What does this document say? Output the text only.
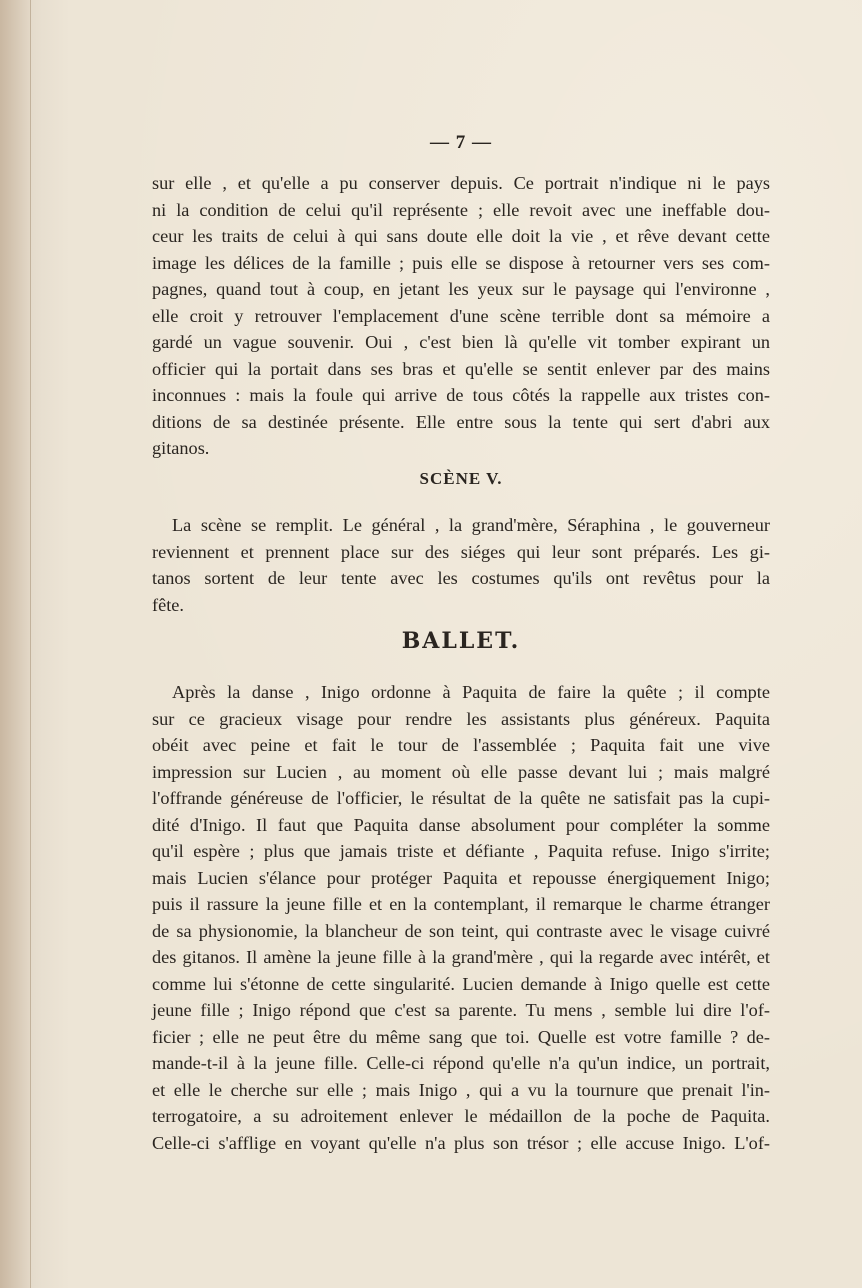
— 7 —
sur elle , et qu'elle a pu conserver depuis. Ce portrait n'indique ni le pays
ni la condition de celui qu'il représente ; elle revoit avec une ineffable dou-
ceur les traits de celui à qui sans doute elle doit la vie , et rêve devant cette
image les délices de la famille ; puis elle se dispose à retourner vers ses com-
pagnes, quand tout à coup, en jetant les yeux sur le paysage qui l'environne ,
elle croit y retrouver l'emplacement d'une scène terrible dont sa mémoire a
gardé un vague souvenir. Oui , c'est bien là qu'elle vit tomber expirant un
officier qui la portait dans ses bras et qu'elle se sentit enlever par des mains
inconnues : mais la foule qui arrive de tous côtés la rappelle aux tristes con-
ditions de sa destinée présente. Elle entre sous la tente qui sert d'abri aux
gitanos.
SCÈNE V.
La scène se remplit. Le général , la grand'mère, Séraphina , le gouverneur
reviennent et prennent place sur des siéges qui leur sont préparés. Les gi-
tanos sortent de leur tente avec les costumes qu'ils ont revêtus pour la
fête.
BALLET.
Après la danse , Inigo ordonne à Paquita de faire la quête ; il compte
sur ce gracieux visage pour rendre les assistants plus généreux. Paquita
obéit avec peine et fait le tour de l'assemblée ; Paquita fait une vive
impression sur Lucien , au moment où elle passe devant lui ; mais malgré
l'offrande généreuse de l'officier, le résultat de la quête ne satisfait pas la cupi-
dité d'Inigo. Il faut que Paquita danse absolument pour compléter la somme
qu'il espère ; plus que jamais triste et défiante , Paquita refuse. Inigo s'irrite;
mais Lucien s'élance pour protéger Paquita et repousse énergiquement Inigo;
puis il rassure la jeune fille et en la contemplant, il remarque le charme étranger
de sa physionomie, la blancheur de son teint, qui contraste avec le visage cuivré
des gitanos. Il amène la jeune fille à la grand'mère , qui la regarde avec intérêt, et
comme lui s'étonne de cette singularité. Lucien demande à Inigo quelle est cette
jeune fille ; Inigo répond que c'est sa parente. Tu mens , semble lui dire l'of-
ficier ; elle ne peut être du même sang que toi. Quelle est votre famille ? de-
mande-t-il à la jeune fille. Celle-ci répond qu'elle n'a qu'un indice, un portrait,
et elle le cherche sur elle ; mais Inigo , qui a vu la tournure que prenait l'in-
terrogatoire, a su adroitement enlever le médaillon de la poche de Paquita.
Celle-ci s'afflige en voyant qu'elle n'a plus son trésor ; elle accuse Inigo. L'of-
